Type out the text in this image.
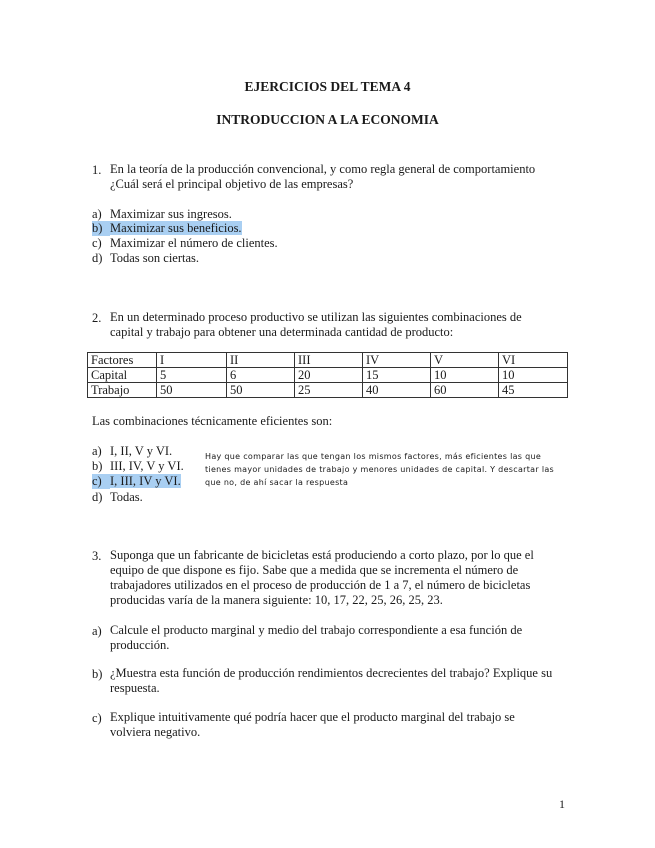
EJERCICIOS DEL TEMA 4
INTRODUCCION A LA ECONOMIA
1. En la teoría de la producción convencional, y como regla general de comportamiento ¿Cuál será el principal objetivo de las empresas?
a) Maximizar sus ingresos.
b) Maximizar sus beneficios.
c) Maximizar el número de clientes.
d) Todas son ciertas.
2. En un determinado proceso productivo se utilizan las siguientes combinaciones de capital y trabajo para obtener una determinada cantidad de producto:
Factores	I	II	III	IV	V	VI
Capital	5	6	20	15	10	10
Trabajo	50	50	25	40	60	45
Las combinaciones técnicamente eficientes son:
a) I, II, V y VI.
b) III, IV, V y VI.
c) I, III, IV y VI.
d) Todas.
Hay que comparar las que tengan los mismos factores, más eficientes las que tienes mayor unidades de trabajo y menores unidades de capital. Y descartar las que no, de ahí sacar la respuesta
3. Suponga que un fabricante de bicicletas está produciendo a corto plazo, por lo que el equipo de que dispone es fijo. Sabe que a medida que se incrementa el número de trabajadores utilizados en el proceso de producción de 1 a 7, el número de bicicletas producidas varía de la manera siguiente: 10, 17, 22, 25, 26, 25, 23.
a) Calcule el producto marginal y medio del trabajo correspondiente a esa función de producción.
b) ¿Muestra esta función de producción rendimientos decrecientes del trabajo? Explique su respuesta.
c) Explique intuitivamente qué podría hacer que el producto marginal del trabajo se volviera negativo.
1
